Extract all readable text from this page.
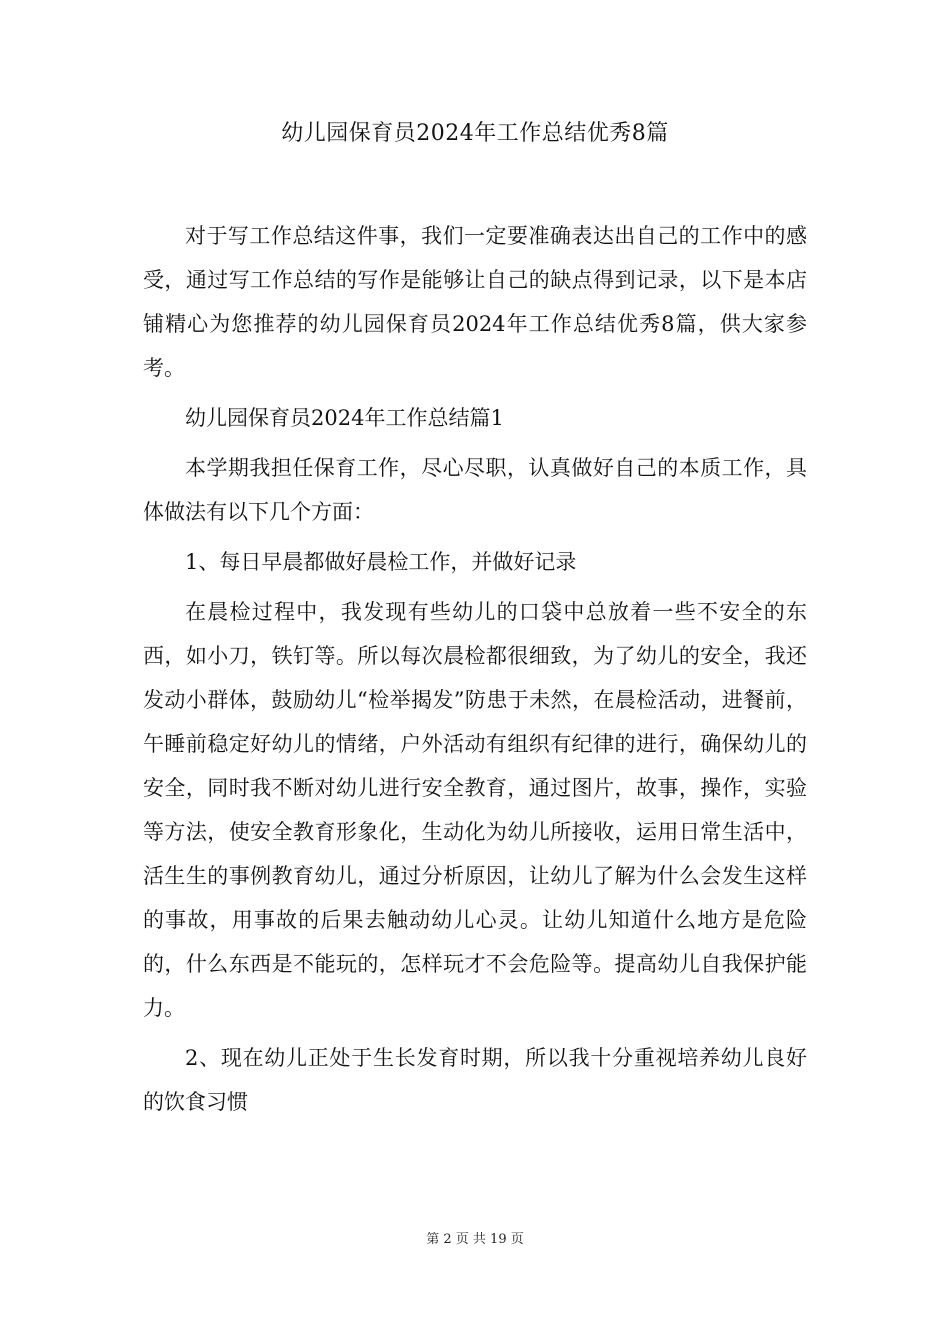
幼儿园保育员2024年工作总结优秀8篇

对于写工作总结这件事，我们一定要准确表达出自己的工作中的感受，通过写工作总结的写作是能够让自己的缺点得到记录，以下是本店铺精心为您推荐的幼儿园保育员2024年工作总结优秀8篇，供大家参考。

幼儿园保育员2024年工作总结篇1

本学期我担任保育工作，尽心尽职，认真做好自己的本质工作，具体做法有以下几个方面：

1、每日早晨都做好晨检工作，并做好记录

在晨检过程中，我发现有些幼儿的口袋中总放着一些不安全的东西，如小刀，铁钉等。所以每次晨检都很细致，为了幼儿的安全，我还发动小群体，鼓励幼儿“检举揭发”防患于未然，在晨检活动，进餐前，午睡前稳定好幼儿的情绪，户外活动有组织有纪律的进行，确保幼儿的安全，同时我不断对幼儿进行安全教育，通过图片，故事，操作，实验等方法，使安全教育形象化，生动化为幼儿所接收，运用日常生活中，活生生的事例教育幼儿，通过分析原因，让幼儿了解为什么会发生这样的事故，用事故的后果去触动幼儿心灵。让幼儿知道什么地方是危险的，什么东西是不能玩的，怎样玩才不会危险等。提高幼儿自我保护能力。

2、现在幼儿正处于生长发育时期，所以我十分重视培养幼儿良好的饮食习惯

第 2 页 共 19 页
